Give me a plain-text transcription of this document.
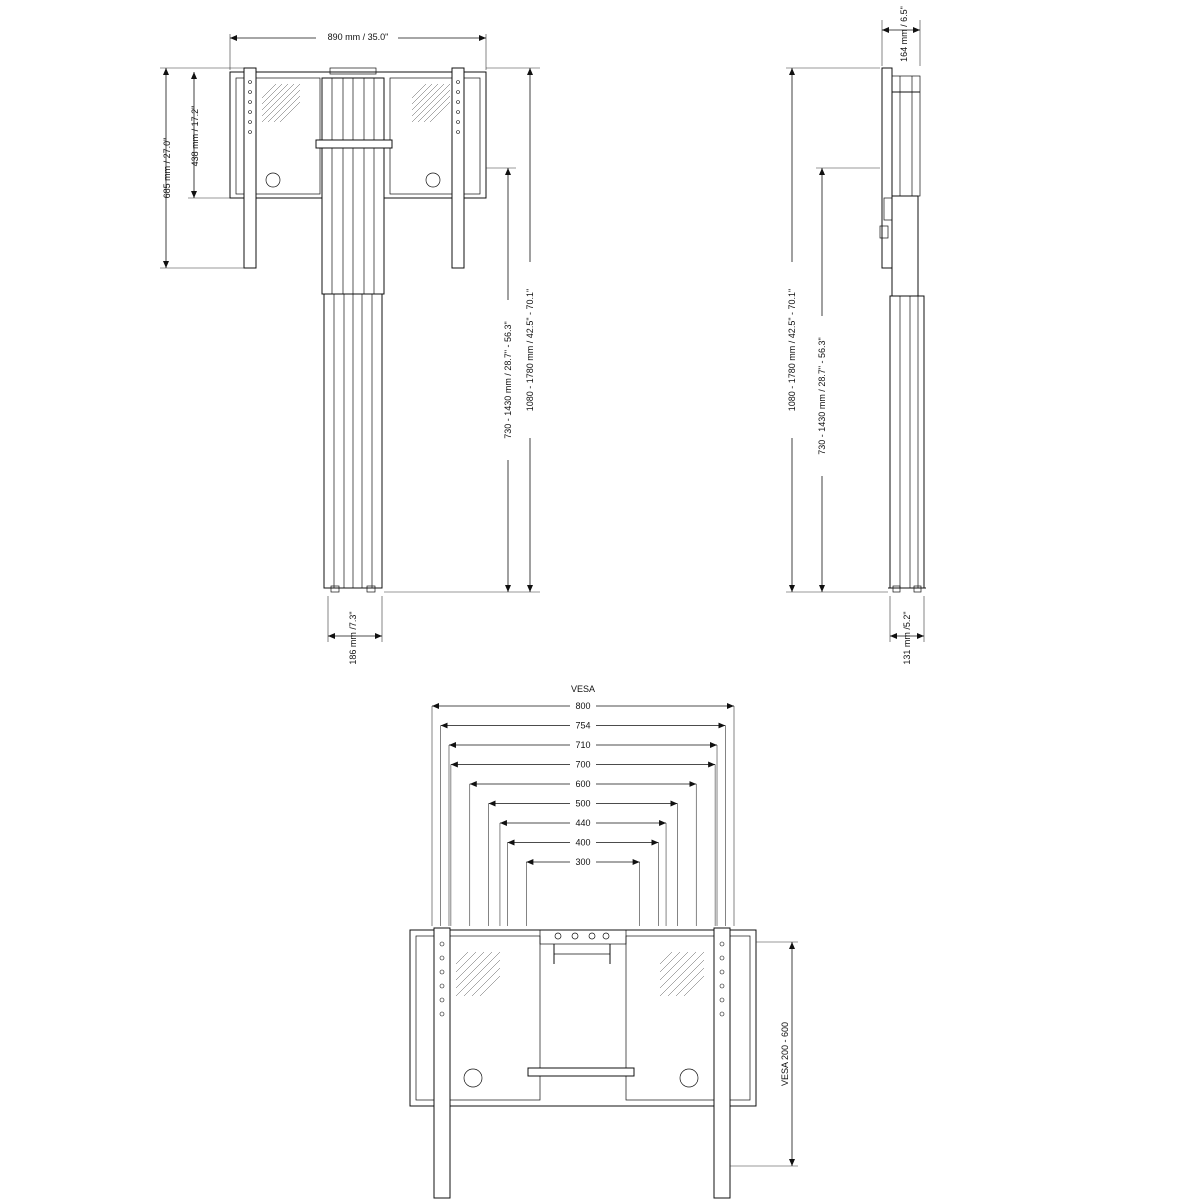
890 mm / 35.0"
685 mm / 27.0"
438 mm / 17.2"
730 - 1430 mm / 28.7" - 56.3" 1080 - 1780 mm / 42.5" - 70.1"
186 mm /7.3"
164 mm / 6.5"
1080 - 1780 mm / 42.5" - 70.1" 730 - 1430 mm / 28.7" - 56.3"
131 mm /5.2"
VESA
800
754
710
700
600
500
440
400
300
VESA 200 - 600
